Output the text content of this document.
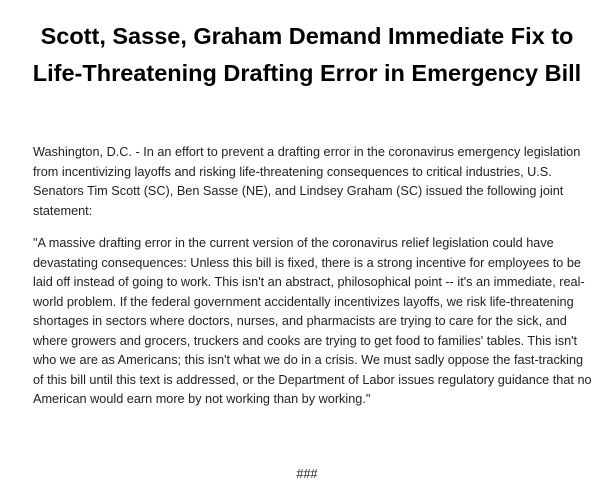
Scott, Sasse, Graham Demand Immediate Fix to Life-Threatening Drafting Error in Emergency Bill

Washington, D.C. - In an effort to prevent a drafting error in the coronavirus emergency legislation from incentivizing layoffs and risking life-threatening consequences to critical industries, U.S. Senators Tim Scott (SC), Ben Sasse (NE), and Lindsey Graham (SC) issued the following joint statement:

"A massive drafting error in the current version of the coronavirus relief legislation could have devastating consequences: Unless this bill is fixed, there is a strong incentive for employees to be laid off instead of going to work. This isn't an abstract, philosophical point -- it's an immediate, real-world problem. If the federal government accidentally incentivizes layoffs, we risk life-threatening shortages in sectors where doctors, nurses, and pharmacists are trying to care for the sick, and where growers and grocers, truckers and cooks are trying to get food to families' tables. This isn't who we are as Americans; this isn't what we do in a crisis. We must sadly oppose the fast-tracking of this bill until this text is addressed, or the Department of Labor issues regulatory guidance that no American would earn more by not working than by working."

###
